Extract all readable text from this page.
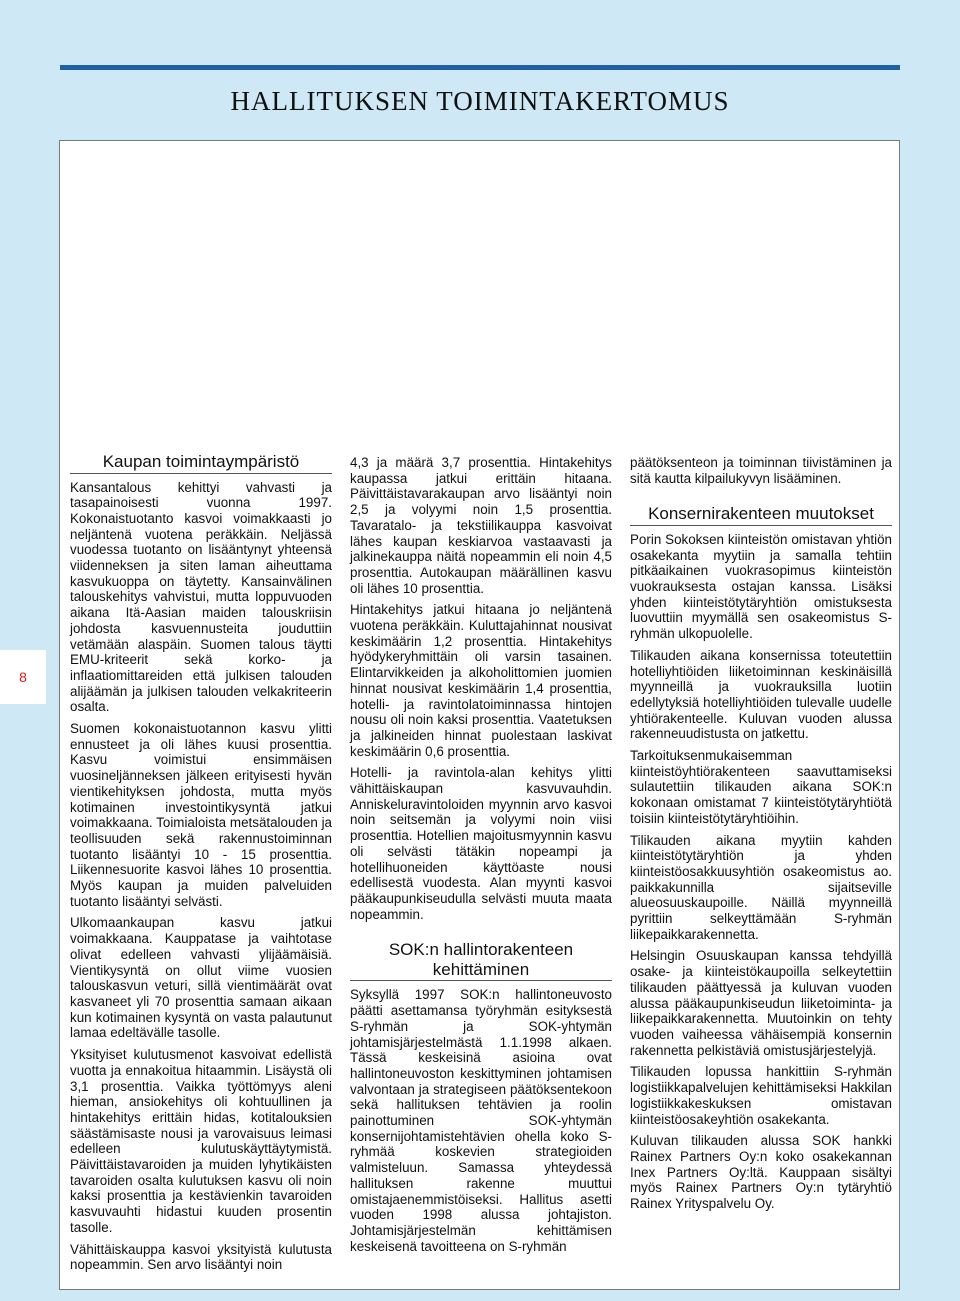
HALLITUKSEN TOIMINTAKERTOMUS
8
Kaupan toimintaympäristö

Kansantalous kehittyi vahvasti ja tasapainoisesti vuonna 1997. Kokonaistuotanto kasvoi voimakkaasti jo neljäntenä vuotena peräkkäin. Neljässä vuodessa tuotanto on lisääntynyt yhteensä viidenneksen ja siten laman aiheuttama kasvukuoppa on täytetty. Kansainvälinen talouskehitys vahvistui, mutta loppuvuoden aikana Itä-Aasian maiden talouskriisin johdosta kasvuennusteita jouduttiin vetämään alaspäin. Suomen talous täytti EMU-kriteerit sekä korko- ja inflaatiomittareiden että julkisen talouden alijäämän ja julkisen talouden velkakriteerin osalta.

Suomen kokonaistuotannon kasvu ylitti ennusteet ja oli lähes kuusi prosenttia. Kasvu voimistui ensimmäisen vuosineljänneksen jälkeen erityisesti hyvän vientikehityksen johdosta, mutta myös kotimainen investointikysyntä jatkui voimakkaana. Toimialoista metsätalouden ja teollisuuden sekä rakennustoiminnan tuotanto lisääntyi 10 - 15 prosenttia. Liikennesuorite kasvoi lähes 10 prosenttia. Myös kaupan ja muiden palveluiden tuotanto lisääntyi selvästi.

Ulkomaankaupan kasvu jatkui voimakkaana. Kauppatase ja vaihtotase olivat edelleen vahvasti ylijäämäisiä. Vientikysyntä on ollut viime vuosien talouskasvun veturi, sillä vientimäärät ovat kasvaneet yli 70 prosenttia samaan aikaan kun kotimainen kysyntä on vasta palautunut lamaa edeltävälle tasolle.

Yksityiset kulutusmenot kasvoivat edellistä vuotta ja ennakoitua hitaammin. Lisäystä oli 3,1 prosenttia. Vaikka työttömyys aleni hieman, ansiokehitys oli kohtuullinen ja hintakehitys erittäin hidas, kotitalouksien säästämisaste nousi ja varovaisuus leimasi edelleen kulutuskäyttäytymistä. Päivittäistavaroiden ja muiden lyhytikäisten tavaroiden osalta kulutuksen kasvu oli noin kaksi prosenttia ja kestävienkin tavaroiden kasvuvauhti hidastui kuuden prosentin tasolle.

Vähittäiskauppa kasvoi yksityistä kulutusta nopeammin. Sen arvo lisääntyi noin

4,3 ja määrä 3,7 prosenttia. Hintakehitys kaupassa jatkui erittäin hitaana. Päivittäistavarakaupan arvo lisääntyi noin 2,5 ja volyymi noin 1,5 prosenttia. Tavaratalo- ja tekstiilikauppa kasvoivat lähes kaupan keskiarvoa vastaavasti ja jalkinekauppa näitä nopeammin eli noin 4,5 prosenttia. Autokaupan määrällinen kasvu oli lähes 10 prosenttia.

Hintakehitys jatkui hitaana jo neljäntenä vuotena peräkkäin. Kuluttajahinnat nousivat keskimäärin 1,2 prosenttia. Hintakehitys hyödykeryhmittäin oli varsin tasainen. Elintarvikkeiden ja alkoholittomien juomien hinnat nousivat keskimäärin 1,4 prosenttia, hotelli- ja ravintolatoiminnassa hintojen nousu oli noin kaksi prosenttia. Vaatetuksen ja jalkineiden hinnat puolestaan laskivat keskimäärin 0,6 prosenttia.

Hotelli- ja ravintola-alan kehitys ylitti vähittäiskaupan kasvuvauhdin. Anniskeluravintoloiden myynnin arvo kasvoi noin seitsemän ja volyymi noin viisi prosenttia. Hotellien majoitusmyynnin kasvu oli selvästi tätäkin nopeampi ja hotellihuoneiden käyttöaste nousi edellisestä vuodesta. Alan myynti kasvoi pääkaupunkiseudulla selvästi muuta maata nopeammin.

SOK:n hallintorakenteen kehittäminen

Syksyllä 1997 SOK:n hallintoneuvosto päätti asettamansa työryhmän esityksestä S-ryhmän ja SOK-yhtymän johtamisjärjestelmästä 1.1.1998 alkaen. Tässä keskeisinä asioina ovat hallintoneuvoston keskittyminen johtamisen valvontaan ja strategiseen päätöksentekoon sekä hallituksen tehtävien ja roolin painottuminen SOK-yhtymän konsernijohtamistehtävien ohella koko S-ryhmää koskevien strategioiden valmisteluun. Samassa yhteydessä hallituksen rakenne muuttui omistajaenemmistöiseksi. Hallitus asetti vuoden 1998 alussa johtajiston. Johtamisjärjestelmän kehittämisen keskeisenä tavoitteena on S-ryhmän

päätöksenteon ja toiminnan tiivistäminen ja sitä kautta kilpailukyvyn lisääminen.

Konsernirakenteen muutokset

Porin Sokoksen kiinteistön omistavan yhtiön osakekanta myytiin ja samalla tehtiin pitkäaikainen vuokrasopimus kiinteistön vuokrauksesta ostajan kanssa. Lisäksi yhden kiinteistötytäryhtiön omistuksesta luovuttiin myymällä sen osakeomistus S-ryhmän ulkopuolelle.

Tilikauden aikana konsernissa toteutettiin hotelliyhtiöiden liiketoiminnan keskinäisillä myynneillä ja vuokrauksilla luotiin edellytyksiä hotelliyhtiöiden tulevalle uudelle yhtiörakenteelle. Kuluvan vuoden alussa rakenneuudistusta on jatkettu.

Tarkoituksenmukaisemman kiinteistöyhtiörakenteen saavuttamiseksi sulautettiin tilikauden aikana SOK:n kokonaan omistamat 7 kiinteistötytäryhtiötä toisiin kiinteistötytäryhtiöihin.

Tilikauden aikana myytiin kahden kiinteistötytäryhtiön ja yhden kiinteistöosakkuusyhtiön osakeomistus ao. paikkakunnilla sijaitseville alueosuuskaupoille. Näillä myynneillä pyrittiin selkeyttämään S-ryhmän liikepaikkarakennetta.

Helsingin Osuuskaupan kanssa tehdyillä osake- ja kiinteistökaupoilla selkeytettiin tilikauden päättyessä ja kuluvan vuoden alussa pääkaupunkiseudun liiketoiminta- ja liikepaikkarakennetta. Muutoinkin on tehty vuoden vaiheessa vähäisempiä konsernin rakennetta pelkistäviä omistusjärjestelyjä.

Tilikauden lopussa hankittiin S-ryhmän logistiikkapalvelujen kehittämiseksi Hakkilan logistiikkakeskuksen omistavan kiinteistöosakeyhtiön osakekanta.

Kuluvan tilikauden alussa SOK hankki Rainex Partners Oy:n koko osakekannan Inex Partners Oy:ltä. Kauppaan sisältyi myös Rainex Partners Oy:n tytäryhtiö Rainex Yrityspalvelu Oy.
